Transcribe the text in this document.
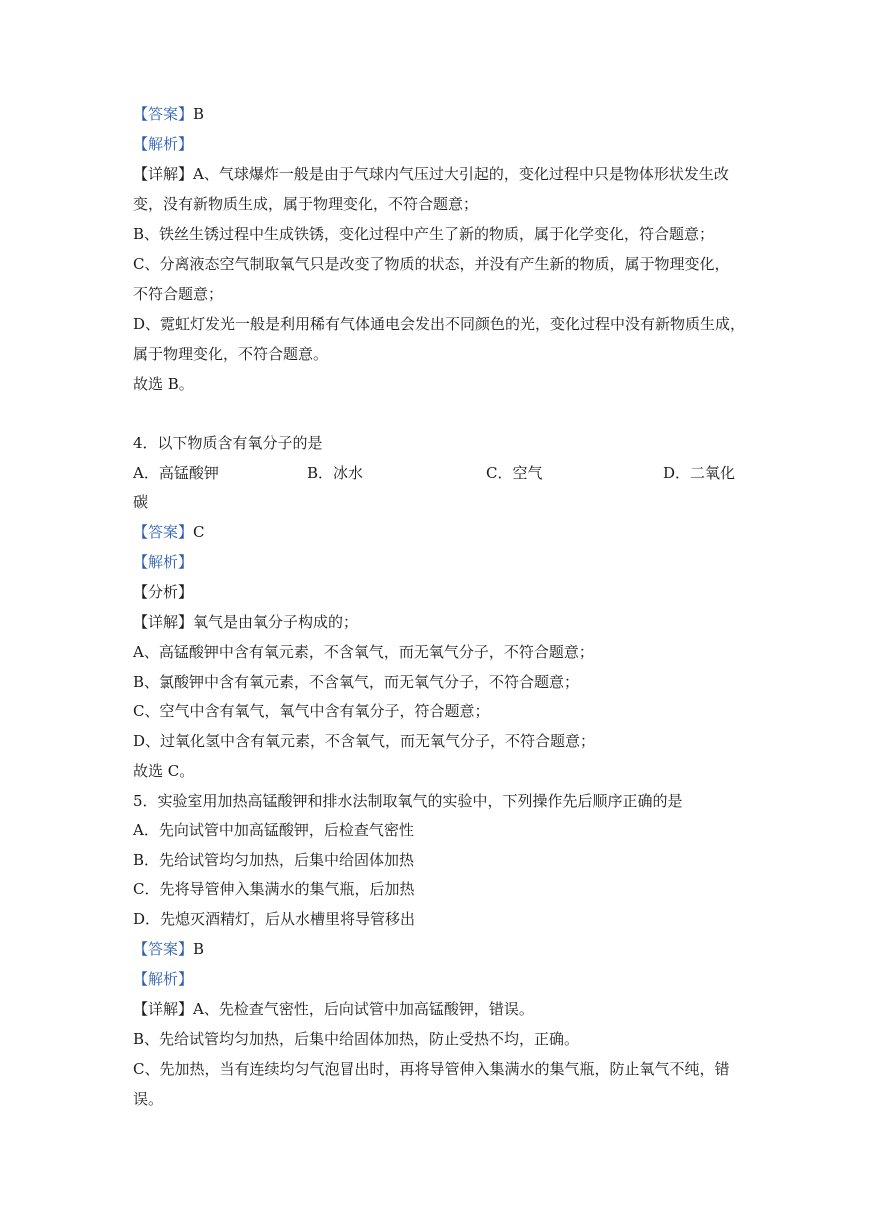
【答案】B
【解析】
【详解】A、气球爆炸一般是由于气球内气压过大引起的，变化过程中只是物体形状发生改
变，没有新物质生成，属于物理变化，不符合题意；
B、铁丝生锈过程中生成铁锈，变化过程中产生了新的物质，属于化学变化，符合题意；
C、分离液态空气制取氧气只是改变了物质的状态，并没有产生新的物质，属于物理变化，
不符合题意；
D、霓虹灯发光一般是利用稀有气体通电会发出不同颜色的光，变化过程中没有新物质生成，
属于物理变化，不符合题意。
故选 B。
4．以下物质含有氧分子的是
A．高锰酸钾	B．冰水	C．空气	D．二氧化
碳
【答案】C
【解析】
【分析】
【详解】氧气是由氧分子构成的；
A、高锰酸钾中含有氧元素，不含氧气，而无氧气分子，不符合题意；
B、氯酸钾中含有氧元素，不含氧气，而无氧气分子，不符合题意；
C、空气中含有氧气，氧气中含有氧分子，符合题意；
D、过氧化氢中含有氧元素，不含氧气，而无氧气分子，不符合题意；
故选 C。
5．实验室用加热高锰酸钾和排水法制取氧气的实验中，下列操作先后顺序正确的是
A．先向试管中加高锰酸钾，后检查气密性
B．先给试管均匀加热，后集中给固体加热
C．先将导管伸入集满水的集气瓶，后加热
D．先熄灭酒精灯，后从水槽里将导管移出
【答案】B
【解析】
【详解】A、先检查气密性，后向试管中加高锰酸钾，错误。
B、先给试管均匀加热，后集中给固体加热，防止受热不均，正确。
C、先加热，当有连续均匀气泡冒出时，再将导管伸入集满水的集气瓶，防止氧气不纯，错
误。
